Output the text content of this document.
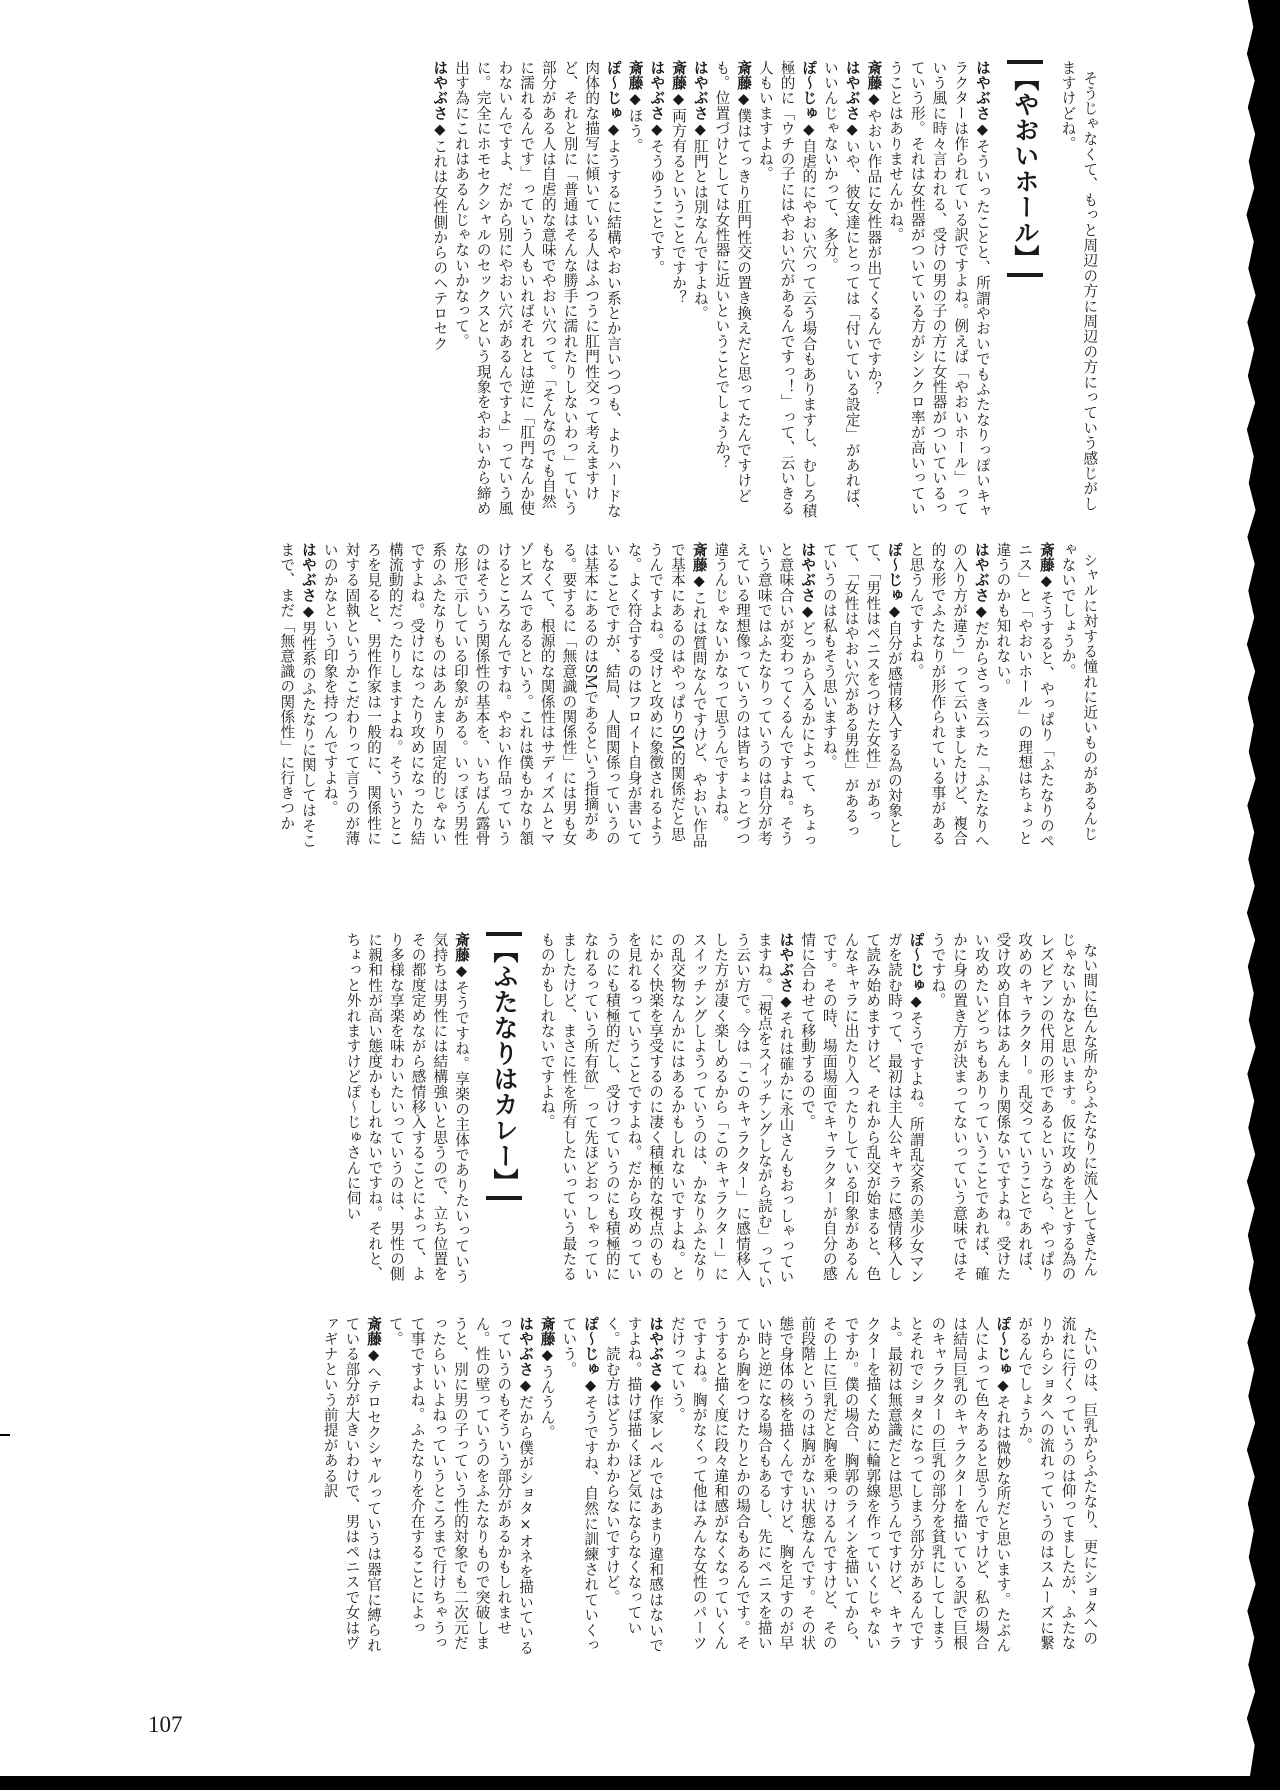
そうじゃなくて、もっと周辺の方に周辺の方にっていう感じがしますけどね。
【やおいホール】
はやぶさ◆そういったことと、所謂やおいでもふたなりっぽいキャラクターは作られている訳ですよね。例えば「やおいホール」っていう風に時々言われる、受けの男の子の方に女性器がついているっていう形。それは女性器がついている方がシンクロ率が高いっていうことはありませんかね。
斎藤◆やおい作品に女性器が出てくるんですか？
はやぶさ◆いや、彼女達にとっては「付いている設定」があれば、いいんじゃないかって、多分。
ぽ〜じゅ◆自虐的にやおい穴って云う場合もありますし、むしろ積極的に「ウチの子にはやおい穴があるんですっ！」って、云いきる人もいますよね。
斎藤◆僕はてっきり肛門性交の置き換えだと思ってたんですけども。位置づけとしては女性器に近いということでしょうか？
はやぶさ◆肛門とは別なんですよね。
斎藤◆両方有るということですか？
はやぶさ◆そうゆうことです。
斎藤◆ほう。
ぽ〜じゅ◆ようするに結構やおい系とか言いつつも、よりハードな肉体的な描写に傾いている人はふつうに肛門性交って考えますけど、それと別に「普通はそんな勝手に濡れたりしないわっ」ていう部分がある人は自虐的な意味でやおい穴って。「そんなのでも自然に濡れるんです」っていう人もいればそれとは逆に「肛門なんか使わないんですよ、だから別にやおい穴があるんですよ」っていう風に。完全にホモセクシャルのセックスという現象をやおいから締め出す為にこれはあるんじゃないかなって。
はやぶさ◆これは女性側からのヘテロセク

シャルに対する憧れに近いものがあるんじゃないでしょうか。
斎藤◆そうすると、やっぱり「ふたなりのペニス」と「やおいホール」の理想はちょっと違うのかも知れない。
はやぶさ◆だからさっき云った「ふたなりへの入り方が違う」って云いましたけど、複合的な形でふたなりが形作られている事があると思うんですよね。
ぽ〜じゅ◆自分が感情移入する為の対象として、「男性はペニスをつけた女性」があって、「女性はやおい穴がある男性」があるっていうのは私もそう思いますね。
はやぶさ◆どっから入るかによって、ちょっと意味合いが変わってくるんですよね。そういう意味ではふたなりっていうのは自分が考えている理想像っていうのは皆ちょっとづつ違うんじゃないかなって思うんですよね。
斎藤◆これは質問なんですけど、やおい作品で基本にあるのはやっぱりSM的関係だと思うんですよね。受けと攻めに象徴されるような。よく符合するのはフロイト自身が書いていることですが、結局、人間関係っていうのは基本にあるのはSMであるという指摘がある。要するに「無意識の関係性」には男も女もなくて、根源的な関係性はサディズムとマゾヒズムであるという。これは僕もかなり頷けるところなんですね。やおい作品っていうのはそういう関係性の基本を、いちばん露骨な形で示している印象がある。いっぽう男性系のふたなりものはあんまり固定的じゃないですよね。受けになったり攻めになったり結構流動的だったりしますよね。そういうところを見ると、男性作家は一般的に、関係性に対する固執というかこだわりって言うのが薄いのかなという印象を持つんですよね。
はやぶさ◆男性系のふたなりに関してはそこまで、まだ「無意識の関係性」に行きつか

ない間に色んな所からふたなりに流入してきたんじゃないかなと思います。仮に攻めを主とする為のレズビアンの代用の形であるというなら、やっぱり攻めのキャラクター。乱交っていうことであれば、受け攻め自体はあんまり関係ないですよね。受けたい攻めたいどっちもありっていうことであれば、確かに身の置き方が決まってないっていう意味ではそうですね。
ぽ〜じゅ◆そうですよね。所謂乱交系の美少女マンガを読む時って、最初は主人公キャラに感情移入して読み始めますけど、それから乱交が始まると、色んなキャラに出たり入ったりしている印象があるんです。その時、場面場面でキャラクターが自分の感情に合わせて移動するので。
はやぶさ◆それは確かに永山さんもおっしゃっていますね。「視点をスイッチングしながら読む」っていう云い方で。今は「このキャラクター」に感情移入した方が凄く楽しめるから「このキャラクター」にスイッチングしようっていうのは、かなりふたなりの乱交物なんかにはあるかもしれないですよね。とにかく快楽を享受するのに凄く積極的な視点のものを見れるっていうことですよね。だから攻めっていうのにも積極的だし、受けっていうのにも積極的になれるっていう所有欲」って先ほどおっしゃっていましたけど、まさに性を所有したいっていう最たるものかもしれないですよね。
【ふたなりはカレー】
斎藤◆そうですね。享楽の主体でありたいっていう気持ちは男性には結構強いと思うので、立ち位置をその都度定めながら感情移入することによって、より多様な享楽を味わいたいっていうのは、男性の側に親和性が高い態度かもしれないですね。それと、ちょっと外れますけどぽ〜じゅさんに伺い

たいのは、巨乳からふたなり、更にショタへの流れに行くっていうのは仰ってましたが、ふたなりからショタへの流れっていうのはスムーズに繋がるんでしょうか。
ぽ〜じゅ◆それは微妙な所だと思います。たぶん人によって色々あると思うんですけど、私の場合は結局巨乳のキャラクターを描いている訳で巨根のキャラクターの巨乳の部分を貧乳にしてしまうとそれでショタになってしまう部分があるんですよ。最初は無意識だとは思うんですけど、キャラクターを描くために輪郭線を作っていくじゃないですか。僕の場合、胸郭のラインを描いてから、その上に巨乳だと胸を乗っけるんですけど、その前段階というのは胸がない状態なんです。その状態で身体の核を描くんですけど、胸を足すのが早い時と逆になる場合もあるし、先にペニスを描いてから胸をつけたりとかの場合もあるんです。そうすると描く度に段々違和感がなくなっていくんですよね。胸がなくって他はみんな女性のパーツだけっていう。
はやぶさ◆作家レベルではあまり違和感はないですよね。描けば描くほど気にならなくなっていく。読む方はどうかわからないですけど。
ぽ〜じゅ◆そうですね、自然に訓練されていくっていう。
斎藤◆うんうん。
はやぶさ◆だから僕がショタ×オネを描いているっていうのもそういう部分があるかもしれません。性の壁っていうのをふたなりもので突破しまうと、別に男の子っていう性的対象でも二次元だったらいいよねっていうところまで行けちゃうって事ですよね。ふたなりを介在することによって。
斎藤◆ヘテロセクシャルっていうは器官に縛られている部分が大きいわけで、男はペニスで女はヴァギナという前提がある訳

107
